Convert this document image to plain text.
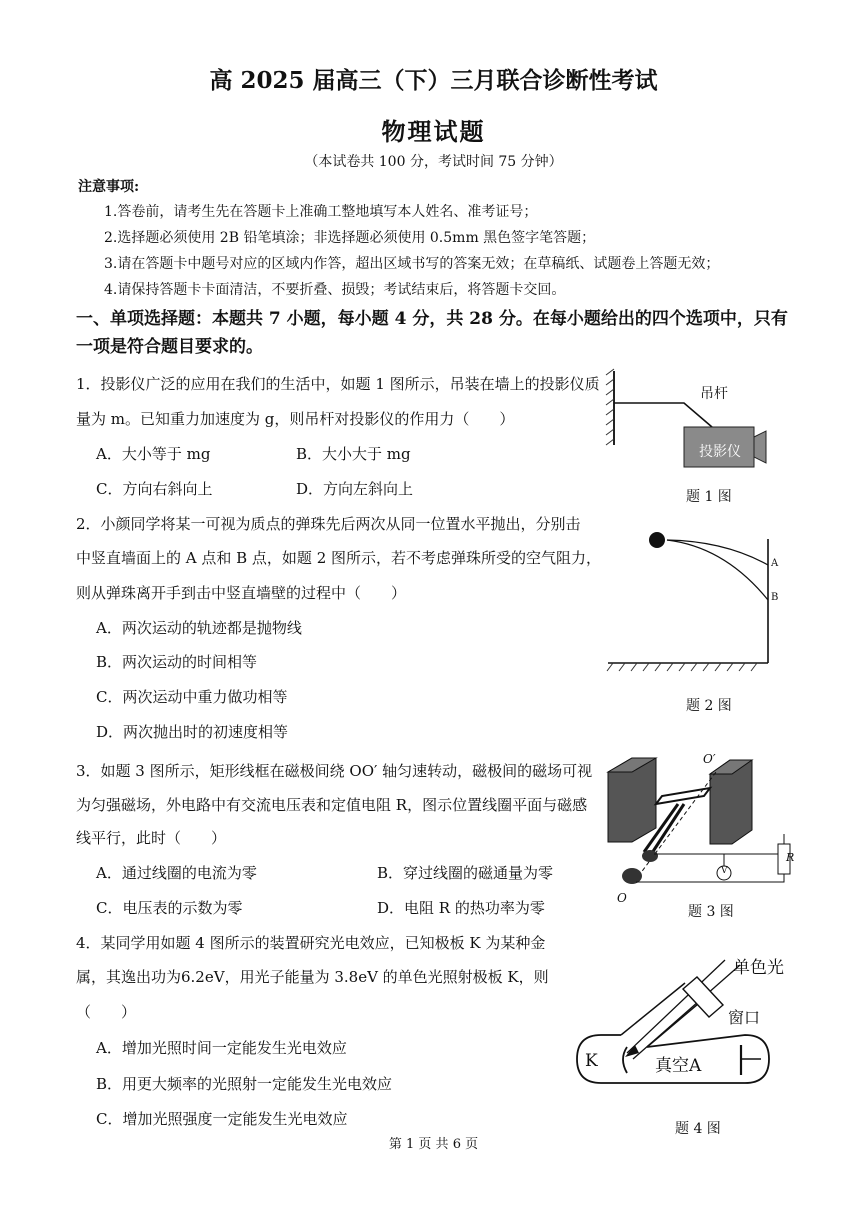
高 2025 届高三（下）三月联合诊断性考试
物理试题
（本试卷共 100 分，考试时间 75 分钟）
注意事项:
1.答卷前，请考生先在答题卡上准确工整地填写本人姓名、准考证号；
2.选择题必须使用 2B 铅笔填涂；非选择题必须使用 0.5mm 黑色签字笔答题；
3.请在答题卡中题号对应的区域内作答，超出区域书写的答案无效；在草稿纸、试题卷上答题无效；
4.请保持答题卡卡面清洁，不要折叠、损毁；考试结束后，将答题卡交回。
一、单项选择题：本题共 7 小题，每小题 4 分，共 28 分。在每小题给出的四个选项中，只有
一项是符合题目要求的。
1．投影仪广泛的应用在我们的生活中，如题 1 图所示，吊装在墙上的投影仪质
量为 m。已知重力加速度为 g，则吊杆对投影仪的作用力（　　）
A．大小等于 mg	B．大小大于 mg
C．方向右斜向上	D．方向左斜向上
吊杆
投影仪
题 1 图
2．小颜同学将某一可视为质点的弹珠先后两次从同一位置水平抛出，分别击
中竖直墙面上的 A 点和 B 点，如题 2 图所示，若不考虑弹珠所受的空气阻力，
则从弹珠离开手到击中竖直墙壁的过程中（　　）
A．两次运动的轨迹都是抛物线
B．两次运动的时间相等
C．两次运动中重力做功相等
D．两次抛出时的初速度相等
A
B
题 2 图
3．如题 3 图所示，矩形线框在磁极间绕 OO′ 轴匀速转动，磁极间的磁场可视
为匀强磁场，外电路中有交流电压表和定值电阻 R，图示位置线圈平面与磁感
线平行，此时（　　）
A．通过线圈的电流为零	B．穿过线圈的磁通量为零
C．电压表的示数为零	D．电阻 R 的热功率为零
O′
O
R
V
题 3 图
4．某同学用如题 4 图所示的装置研究光电效应，已知极板 K 为某种金
属，其逸出功为6.2eV，用光子能量为 3.8eV 的单色光照射极板 K，则
（　　）
A．增加光照时间一定能发生光电效应
B．用更大频率的光照射一定能发生光电效应
C．增加光照强度一定能发生光电效应
单色光
窗口
K	真空A
题 4 图
第 1 页 共 6 页
